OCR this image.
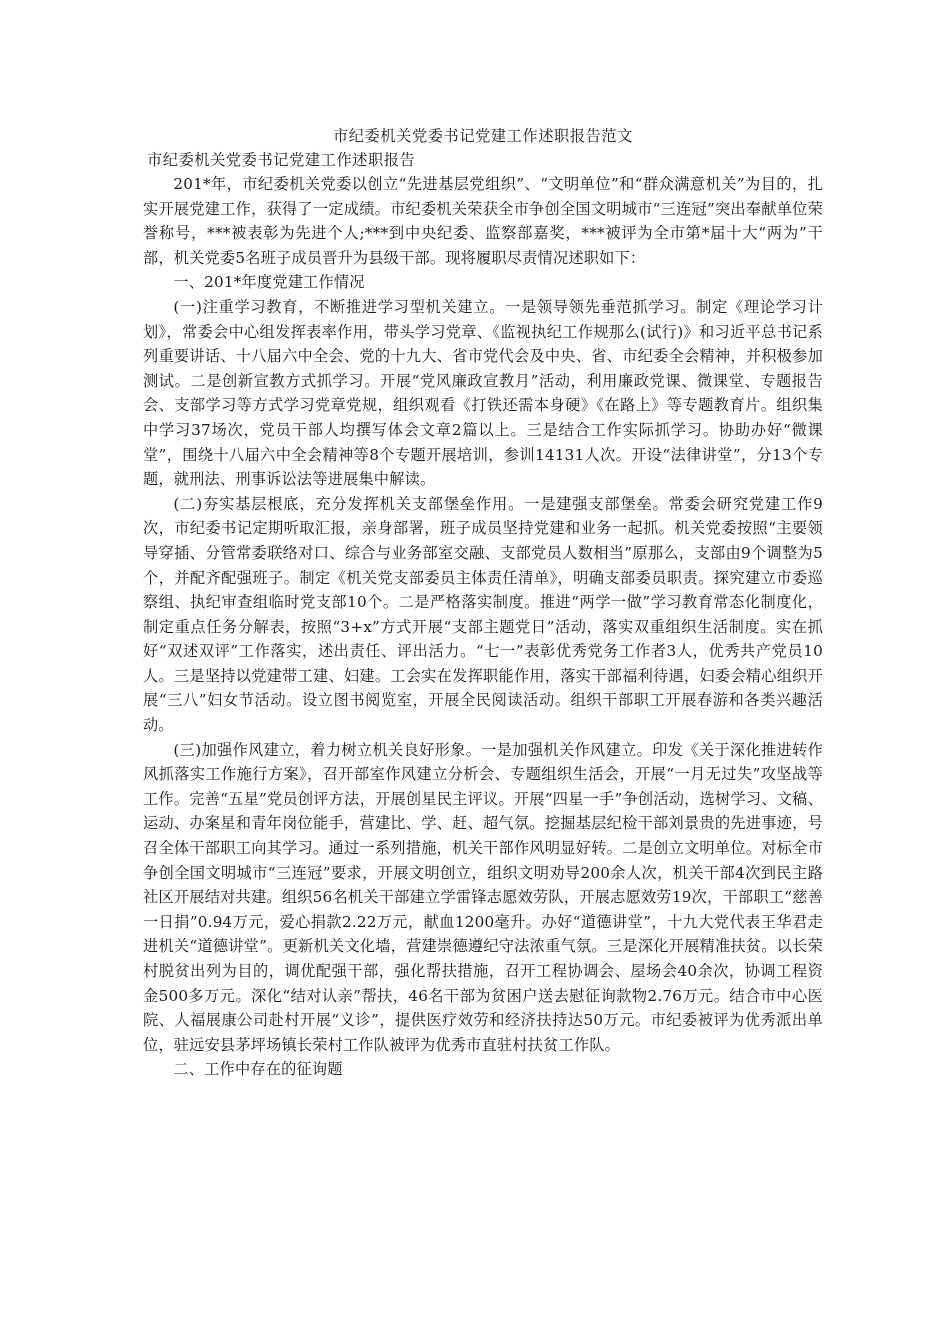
市纪委机关党委书记党建工作述职报告范文
市纪委机关党委书记党建工作述职报告

201*年，市纪委机关党委以创立“先进基层党组织”、“文明单位”和“群众满意机关”为目的，扎实开展党建工作，获得了一定成绩。市纪委机关荣获全市争创全国文明城市“三连冠”突出奉献单位荣誉称号，***被表彰为先进个人;***到中央纪委、监察部嘉奖，***被评为全市第*届十大“两为”干部，机关党委5名班子成员晋升为县级干部。现将履职尽责情况述职如下：

一、201*年度党建工作情况

(一)注重学习教育，不断推进学习型机关建立。一是领导领先垂范抓学习。制定《理论学习计划》，常委会中心组发挥表率作用，带头学习党章、《监视执纪工作规那么(试行)》和习近平总书记系列重要讲话、十八届六中全会、党的十九大、省市党代会及中央、省、市纪委全会精神，并积极参加测试。二是创新宣教方式抓学习。开展“党风廉政宣教月”活动，利用廉政党课、微课堂、专题报告会、支部学习等方式学习党章党规，组织观看《打铁还需本身硬》《在路上》等专题教育片。组织集中学习37场次，党员干部人均撰写体会文章2篇以上。三是结合工作实际抓学习。协助办好“微课堂”，围绕十八届六中全会精神等8个专题开展培训，参训14131人次。开设“法律讲堂”，分13个专题，就刑法、刑事诉讼法等进展集中解读。

(二)夯实基层根底，充分发挥机关支部堡垒作用。一是建强支部堡垒。常委会研究党建工作9次，市纪委书记定期听取汇报，亲身部署，班子成员坚持党建和业务一起抓。机关党委按照“主要领导穿插、分管常委联络对口、综合与业务部室交融、支部党员人数相当”原那么，支部由9个调整为5个，并配齐配强班子。制定《机关党支部委员主体责任清单》，明确支部委员职责。探究建立市委巡察组、执纪审查组临时党支部10个。二是严格落实制度。推进“两学一做”学习教育常态化制度化，制定重点任务分解表，按照“3+x”方式开展“支部主题党日”活动，落实双重组织生活制度。实在抓好“双述双评”工作落实，述出责任、评出活力。“七一”表彰优秀党务工作者3人，优秀共产党员10人。三是坚持以党建带工建、妇建。工会实在发挥职能作用，落实干部福利待遇，妇委会精心组织开展“三八”妇女节活动。设立图书阅览室，开展全民阅读活动。组织干部职工开展春游和各类兴趣活动。

(三)加强作风建立，着力树立机关良好形象。一是加强机关作风建立。印发《关于深化推进转作风抓落实工作施行方案》，召开部室作风建立分析会、专题组织生活会，开展“一月无过失”攻坚战等工作。完善“五星”党员创评方法，开展创星民主评议。开展“四星一手”争创活动，选树学习、文稿、运动、办案星和青年岗位能手，营建比、学、赶、超气氛。挖掘基层纪检干部刘景贵的先进事迹，号召全体干部职工向其学习。通过一系列措施，机关干部作风明显好转。二是创立文明单位。对标全市争创全国文明城市“三连冠”要求，开展文明创立，组织文明劝导200余人次，机关干部4次到民主路社区开展结对共建。组织56名机关干部建立学雷锋志愿效劳队，开展志愿效劳19次，干部职工“慈善一日捐”0.94万元，爱心捐款2.22万元，献血1200毫升。办好“道德讲堂”，十九大党代表王华君走进机关“道德讲堂”。更新机关文化墙，营建崇德遵纪守法浓重气氛。三是深化开展精准扶贫。以长荣村脱贫出列为目的，调优配强干部，强化帮扶措施，召开工程协调会、屋场会40余次，协调工程资金500多万元。深化“结对认亲”帮扶，46名干部为贫困户送去慰征询款物2.76万元。结合市中心医院、人福展康公司赴村开展“义诊”，提供医疗效劳和经济扶持达50万元。市纪委被评为优秀派出单位，驻远安县茅坪场镇长荣村工作队被评为优秀市直驻村扶贫工作队。

二、工作中存在的征询题
